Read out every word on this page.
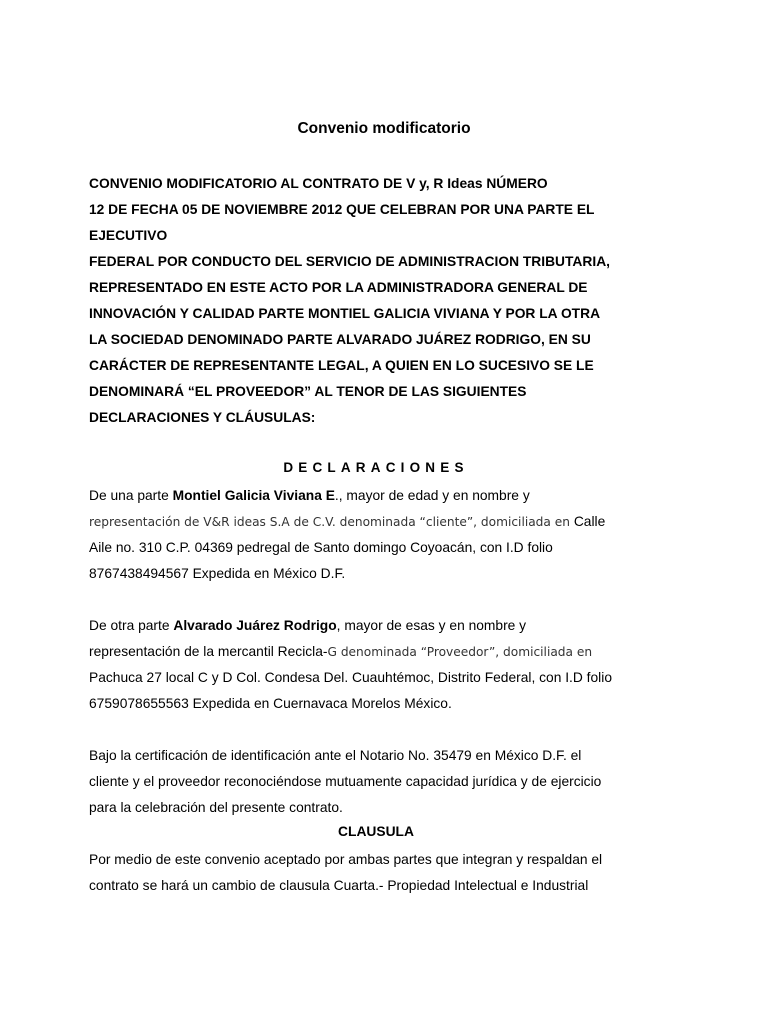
Convenio modificatorio
CONVENIO MODIFICATORIO AL CONTRATO DE V y, R Ideas NÚMERO
12 DE FECHA 05 DE NOVIEMBRE 2012 QUE CELEBRAN POR UNA PARTE EL
EJECUTIVO
FEDERAL POR CONDUCTO DEL SERVICIO DE ADMINISTRACION TRIBUTARIA,
REPRESENTADO EN ESTE ACTO POR LA ADMINISTRADORA GENERAL DE
INNOVACIÓN Y CALIDAD PARTE MONTIEL GALICIA VIVIANA Y POR LA OTRA
LA SOCIEDAD DENOMINADO PARTE ALVARADO JUÁREZ RODRIGO, EN SU
CARÁCTER DE REPRESENTANTE LEGAL, A QUIEN EN LO SUCESIVO SE LE
DENOMINARÁ “EL PROVEEDOR” AL TENOR DE LAS SIGUIENTES
DECLARACIONES Y CLÁUSULAS:
DECLARACIONES
De una parte Montiel Galicia Viviana E., mayor de edad y en nombre y
representación de V&R ideas S.A de C.V. denominada “cliente”, domiciliada en Calle
Aile no. 310 C.P. 04369 pedregal de Santo domingo Coyoacán, con I.D folio
8767438494567 Expedida en México D.F.
De otra parte Alvarado Juárez Rodrigo, mayor de esas y en nombre y
representación de la mercantil Recicla-G denominada “Proveedor”, domiciliada en
Pachuca 27 local C y D Col. Condesa Del. Cuauhtémoc, Distrito Federal, con I.D folio
6759078655563 Expedida en Cuernavaca Morelos México.
Bajo la certificación de identificación ante el Notario No. 35479 en México D.F. el
cliente y el proveedor reconociéndose mutuamente capacidad jurídica y de ejercicio
para la celebración del presente contrato.
CLAUSULA
Por medio de este convenio aceptado por ambas partes que integran y respaldan el
contrato se hará un cambio de clausula Cuarta.- Propiedad Intelectual e Industrial
